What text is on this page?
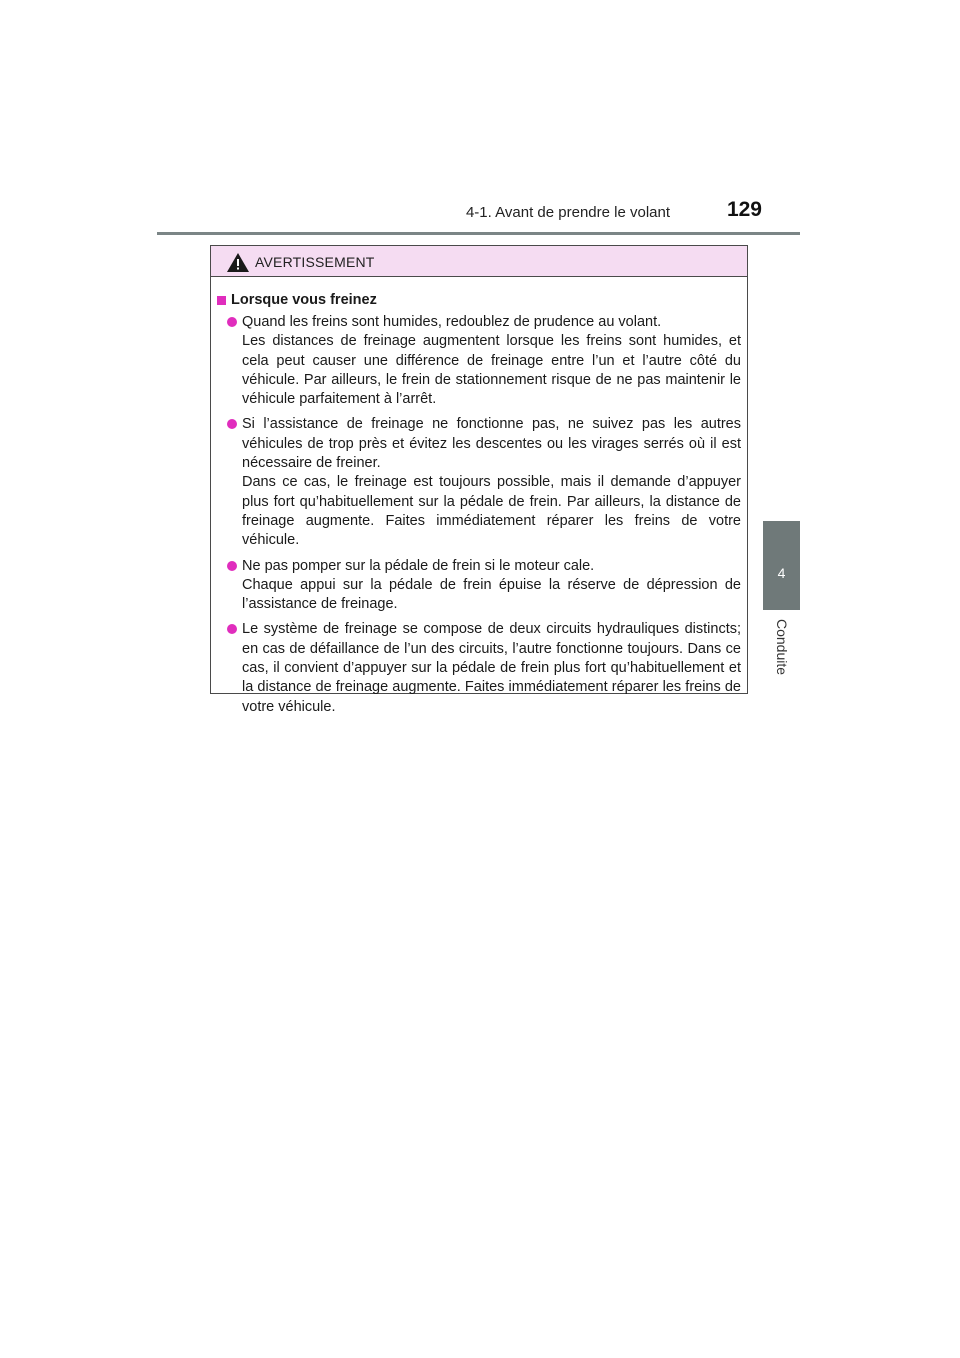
4-1. Avant de prendre le volant	129
4
Conduite
AVERTISSEMENT
Lorsque vous freinez

Quand les freins sont humides, redoublez de prudence au volant.

Les distances de freinage augmentent lorsque les freins sont humides, et cela peut causer une différence de freinage entre l’un et l’autre côté du véhicule. Par ailleurs, le frein de stationnement risque de ne pas maintenir le véhicule parfaitement à l’arrêt.

Si l’assistance de freinage ne fonctionne pas, ne suivez pas les autres véhicules de trop près et évitez les descentes ou les virages serrés où il est nécessaire de freiner.

Dans ce cas, le freinage est toujours possible, mais il demande d’appuyer plus fort qu’habituellement sur la pédale de frein. Par ailleurs, la distance de freinage augmente. Faites immédiatement réparer les freins de votre véhicule.

Ne pas pomper sur la pédale de frein si le moteur cale.

Chaque appui sur la pédale de frein épuise la réserve de dépression de l’assistance de freinage.

Le système de freinage se compose de deux circuits hydrauliques distincts; en cas de défaillance de l’un des circuits, l’autre fonctionne toujours. Dans ce cas, il convient d’appuyer sur la pédale de frein plus fort qu’habituellement et la distance de freinage augmente. Faites immédiatement réparer les freins de votre véhicule.
